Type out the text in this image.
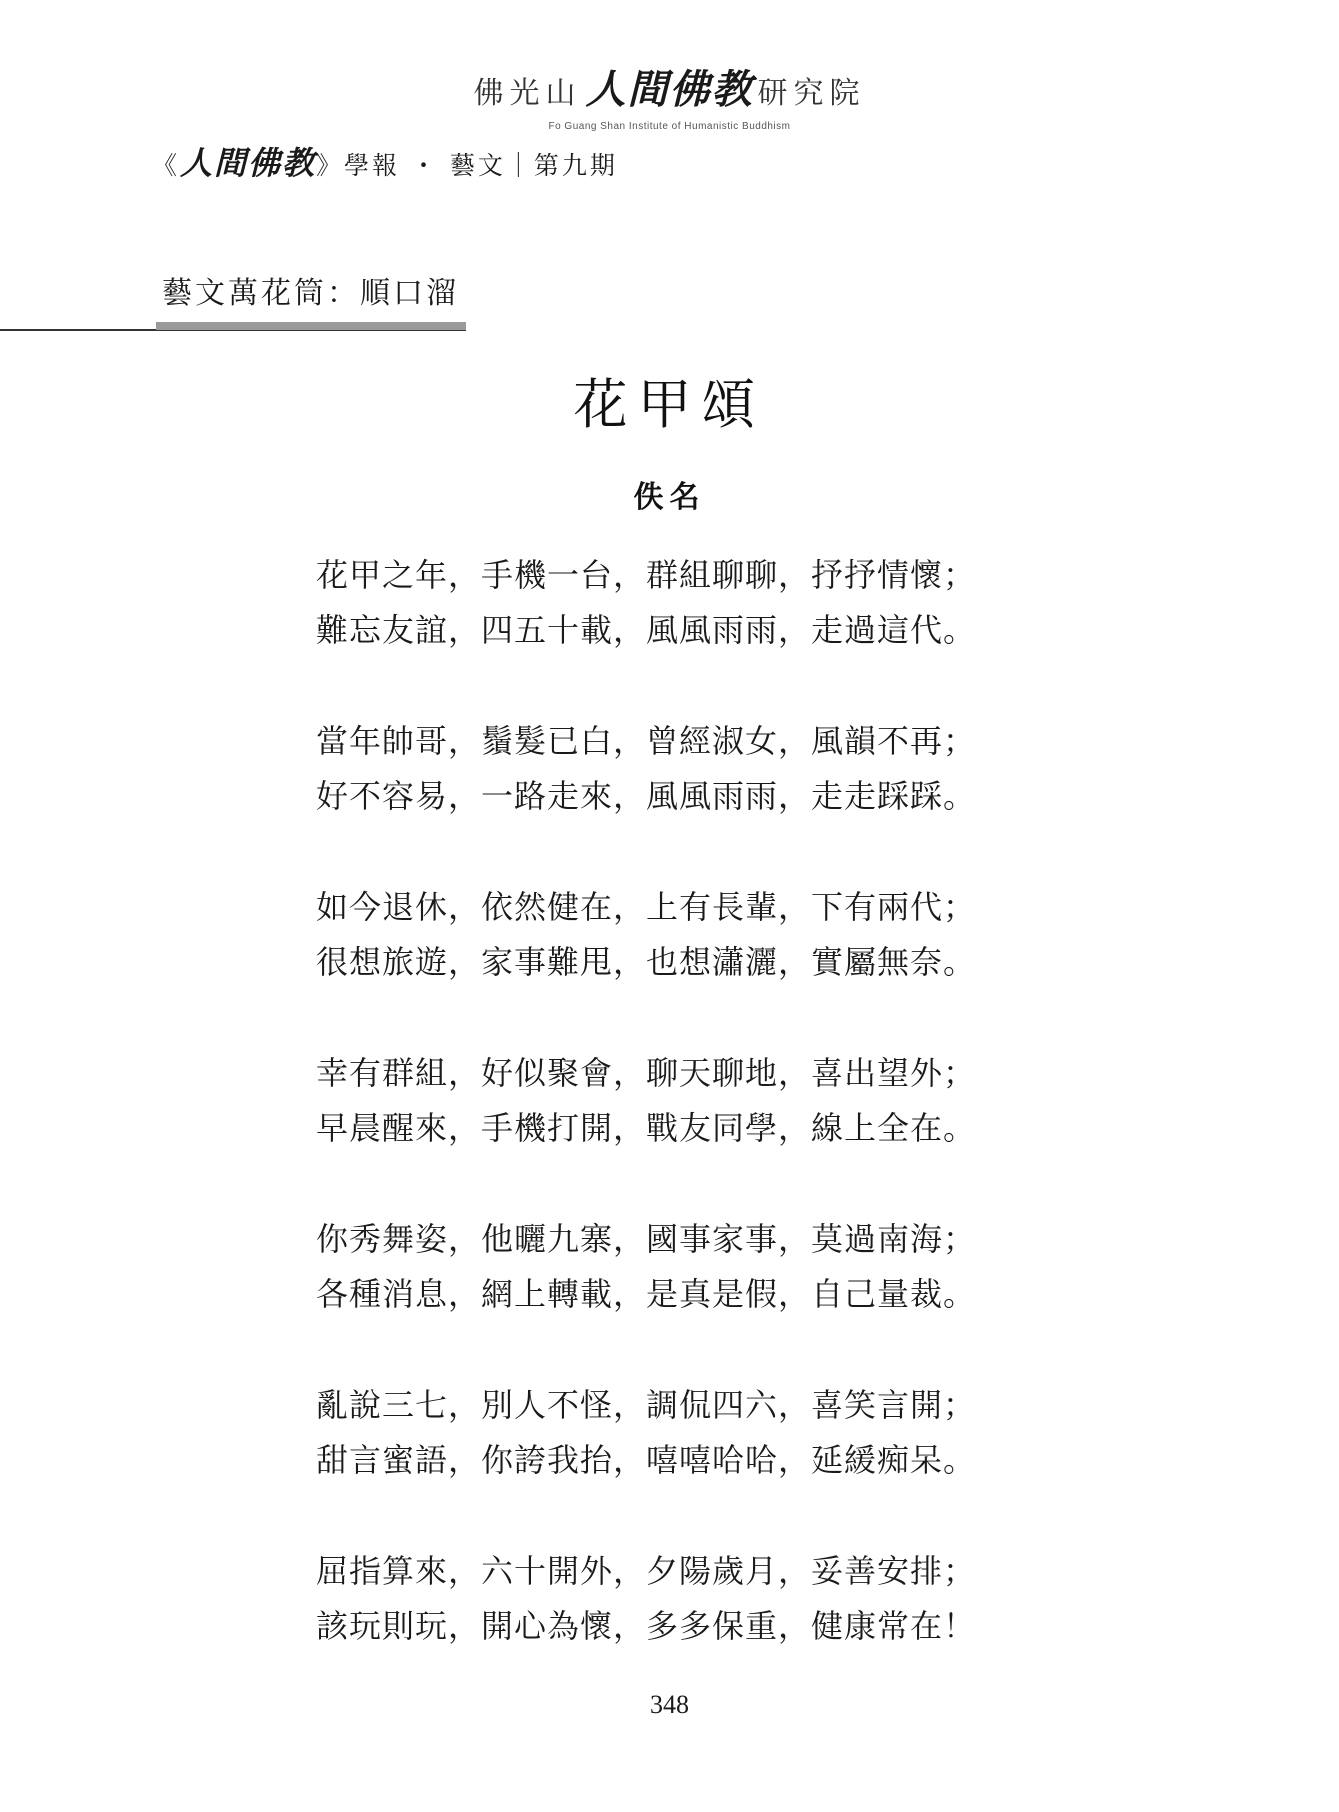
佛光山 人間佛教 研究院
Fo Guang Shan Institute of Humanistic Buddhism
《人間佛教》學報 ・ 藝文｜第九期
藝文萬花筒：順口溜
花甲頌
佚名
花甲之年，手機一台，群組聊聊，抒抒情懷；
難忘友誼，四五十載，風風雨雨，走過這代。
當年帥哥，鬚髮已白，曾經淑女，風韻不再；
好不容易，一路走來，風風雨雨，走走踩踩。
如今退休，依然健在，上有長輩，下有兩代；
很想旅遊，家事難甩，也想瀟灑，實屬無奈。
幸有群組，好似聚會，聊天聊地，喜出望外；
早晨醒來，手機打開，戰友同學，線上全在。
你秀舞姿，他曬九寨，國事家事，莫過南海；
各種消息，網上轉載，是真是假，自己量裁。
亂說三七，別人不怪，調侃四六，喜笑言開；
甜言蜜語，你誇我抬，嘻嘻哈哈，延緩痴呆。
屈指算來，六十開外，夕陽歲月，妥善安排；
該玩則玩，開心為懷，多多保重，健康常在！
348
